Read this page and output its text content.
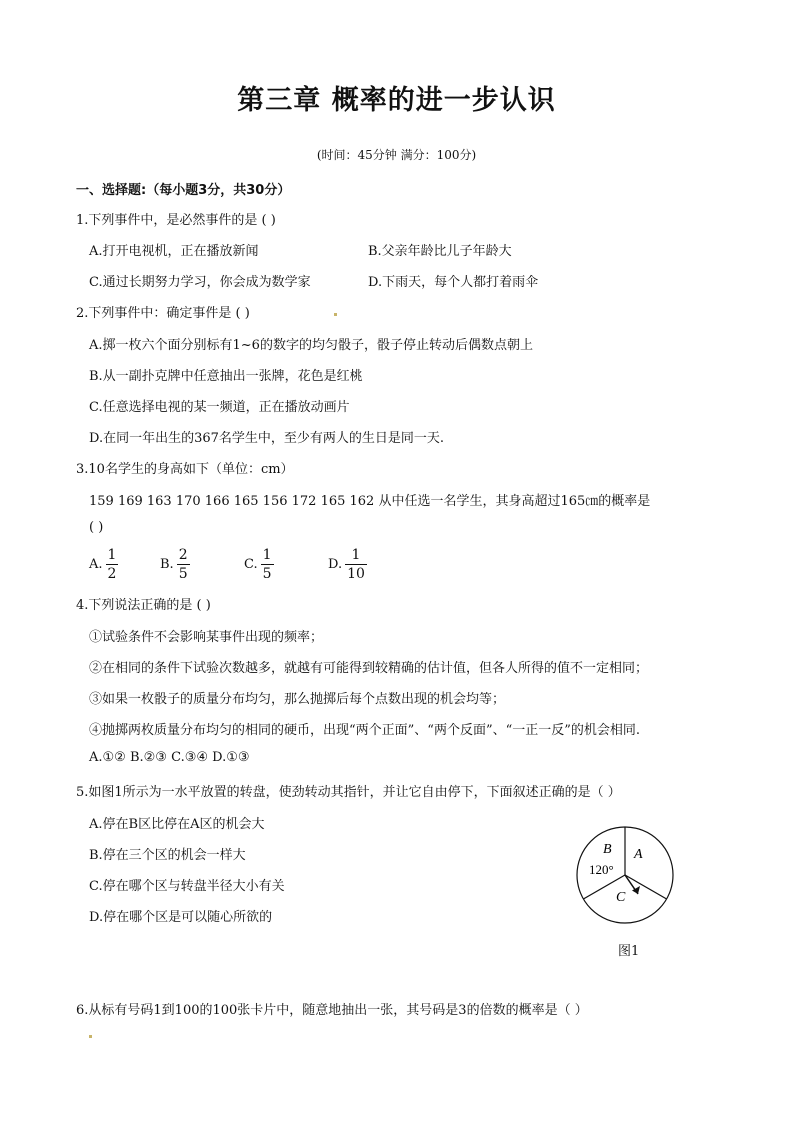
第三章 概率的进一步认识
(时间：45分钟 满分：100分)
一、选择题:（每小题3分，共30分）
1.下列事件中，是必然事件的是 ( )
A.打开电视机，正在播放新闻	B.父亲年龄比儿子年龄大
C.通过长期努力学习，你会成为数学家	D.下雨天，每个人都打着雨伞
2.下列事件中：确定事件是 ( )
A.掷一枚六个面分别标有1~6的数字的均匀骰子，骰子停止转动后偶数点朝上
B.从一副扑克牌中任意抽出一张牌，花色是红桃
C.任意选择电视的某一频道，正在播放动画片
D.在同一年出生的367名学生中，至少有两人的生日是同一天.
3.10名学生的身高如下（单位：cm）
159 169 163 170 166 165 156 172 165 162 从中任选一名学生，其身高超过165㎝的概率是
( )
A. $\frac{1}{2}$	B. $\frac{2}{5}$	C. $\frac{1}{5}$	D. $\frac{1}{10}$
4.下列说法正确的是 ( )
①试验条件不会影响某事件出现的频率；
②在相同的条件下试验次数越多，就越有可能得到较精确的估计值，但各人所得的值不一定相同；
③如果一枚骰子的质量分布均匀，那么抛掷后每个点数出现的机会均等；
④抛掷两枚质量分布均匀的相同的硬币，出现“两个正面”、“两个反面”、“一正一反”的机会相同.
A.①② B.②③ C.③④ D.①③
5.如图1所示为一水平放置的转盘，使劲转动其指针，并让它自由停下，下面叙述正确的是（ ）
A.停在B区比停在A区的机会大
B.停在三个区的机会一样大
C.停在哪个区与转盘半径大小有关
D.停在哪个区是可以随心所欲的
B A
C
120°
图1
6.从标有号码1到100的100张卡片中，随意地抽出一张，其号码是3的倍数的概率是（ ）
